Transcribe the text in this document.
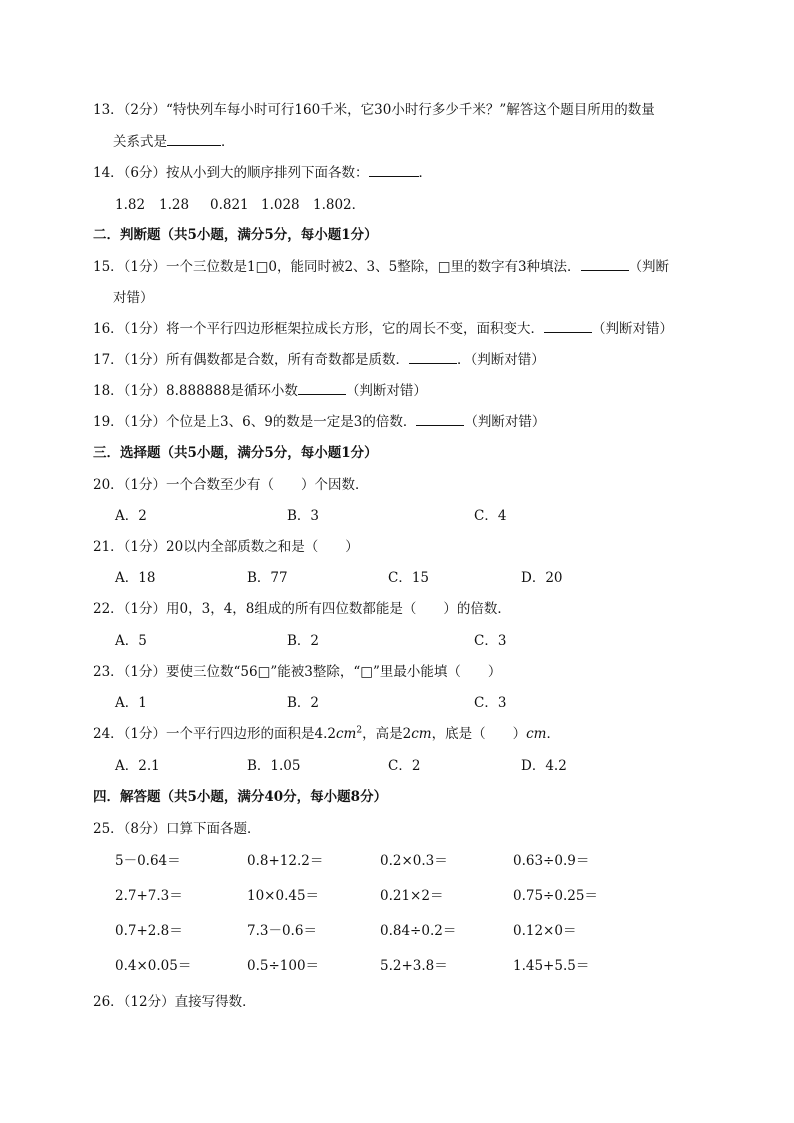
13．（2分）“特快列车每小时可行160千米，它30小时行多少千米？”解答这个题目所用的数量
关系式是	．
14．（6分）按从小到大的顺序排列下面各数：	．
1.82 1.28 0.821 1.028 1.802．
二．判断题（共5小题，满分5分，每小题1分）
15．（1分）一个三位数是1□0，能同时被2、3、5整除，□里的数字有3种填法．	（判断
对错）
16．（1分）将一个平行四边形框架拉成长方形，它的周长不变，面积变大．	（判断对错）
17．（1分）所有偶数都是合数，所有奇数都是质数．	．（判断对错）
18．（1分）8.888888是循环小数	（判断对错）
19．（1分）个位是上3、6、9的数是一定是3的倍数．	（判断对错）
三．选择题（共5小题，满分5分，每小题1分）
20．（1分）一个合数至少有（　　）个因数．
A．2	B．3	C．4
21．（1分）20以内全部质数之和是（　　）
A．18	B．77	C．15	D．20
22．（1分）用0，3，4，8组成的所有四位数都能是（　　）的倍数．
A．5	B．2	C．3
23．（1分）要使三位数“56□”能被3整除，“□”里最小能填（　　）
A．1	B．2	C．3
24．（1分）一个平行四边形的面积是$4.2cm^2$，高是2cm，底是（　　）cm．
A．2.1	B．1.05	C．2	D．4.2
四．解答题（共5小题，满分40分，每小题8分）
25．（8分）口算下面各题．
5－0.64＝	0.8+12.2＝	0.2×0.3＝	0.63÷0.9＝
2.7+7.3＝	10×0.45＝	0.21×2＝	0.75÷0.25＝
0.7+2.8＝	7.3－0.6＝	0.84÷0.2＝	0.12×0＝
0.4×0.05＝	0.5÷100＝	5.2+3.8＝	1.45+5.5＝
26．（12分）直接写得数．
